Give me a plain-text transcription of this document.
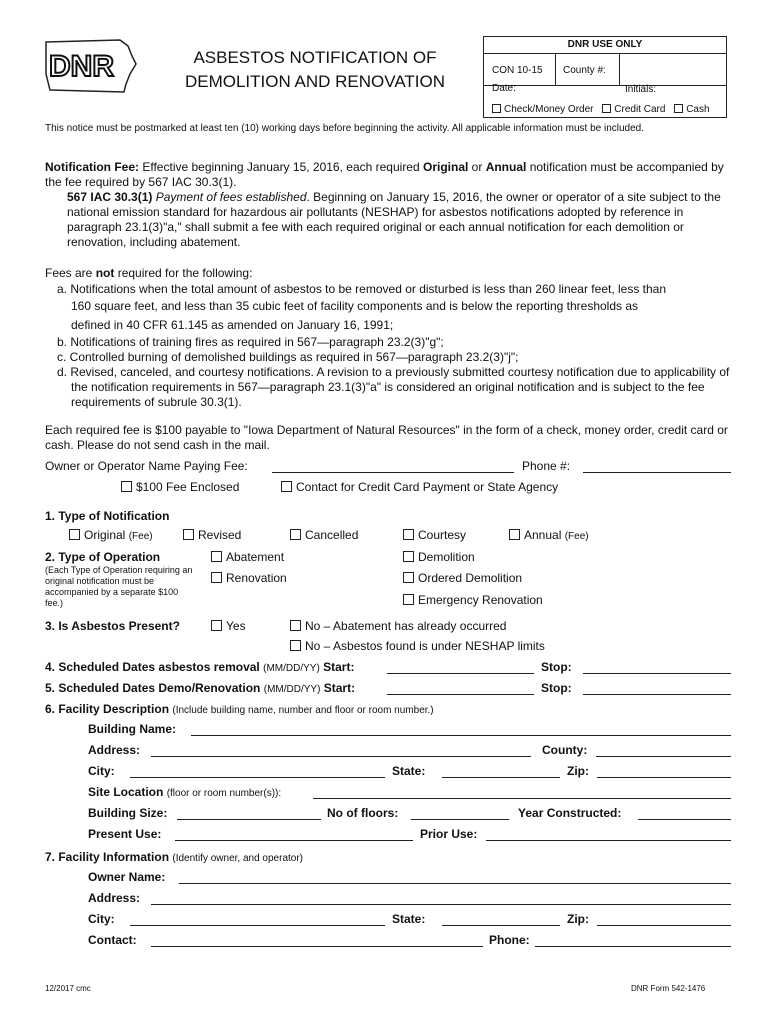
DNR	ASBESTOS NOTIFICATION OF
DEMOLITION AND RENOVATION
DNR USE ONLY
CON 10-15 County #:
Date:	Initials:
Check/Money Order Credit Card Cash

This notice must be postmarked at least ten (10) working days before beginning the activity. All applicable information must be included.

Notification Fee: Effective beginning January 15, 2016, each required Original or Annual notification must be accompanied by the fee required by 567 IAC 30.3(1).

567 IAC 30.3(1) Payment of fees established. Beginning on January 15, 2016, the owner or operator of a site subject to the national emission standard for hazardous air pollutants (NESHAP) for asbestos notifications adopted by reference in paragraph 23.1(3)"a," shall submit a fee with each required original or each annual notification for each demolition or renovation, including abatement.

Fees are not required for the following:

a. Notifications when the total amount of asbestos to be removed or disturbed is less than 260 linear feet, less than

160 square feet, and less than 35 cubic feet of facility components and is below the reporting thresholds as

defined in 40 CFR 61.145 as amended on January 16, 1991;

b. Notifications of training fires as required in 567—paragraph 23.2(3)"g";

c. Controlled burning of demolished buildings as required in 567—paragraph 23.2(3)"j";

d. Revised, canceled, and courtesy notifications. A revision to a previously submitted courtesy notification due to applicability of the notification requirements in 567—paragraph 23.1(3)"a" is considered an original notification and is subject to the fee requirements of subrule 30.3(1).

Each required fee is $100 payable to "Iowa Department of Natural Resources" in the form of a check, money order, credit card or cash. Please do not send cash in the mail.

Owner or Operator Name Paying Fee:	Phone #:
$100 Fee Enclosed	Contact for Credit Card Payment or State Agency
1. Type of Notification
Original (Fee)	Revised	Cancelled	Courtesy	Annual (Fee)
2. Type of Operation

(Each Type of Operation requiring an original notification must be accompanied by a separate $100 fee.)

Abatement
Renovation
Demolition
Ordered Demolition
Emergency Renovation
3. Is Asbestos Present?	Yes	No – Abatement has already occurred
No – Asbestos found is under NESHAP limits
4. Scheduled Dates asbestos removal (MM/DD/YY) Start:	Stop:
5. Scheduled Dates Demo/Renovation (MM/DD/YY) Start:	Stop:
6. Facility Description (Include building name, number and floor or room number.)
Building Name:
Address:	County:
City:	State:	Zip:
Site Location (floor or room number(s)):
Building Size:	No of floors:	Year Constructed:
Present Use:	Prior Use:
7. Facility Information (Identify owner, and operator)
Owner Name:
Address:
City:	State:	Zip:
Contact:	Phone:
12/2017 cmc	DNR Form 542-1476
